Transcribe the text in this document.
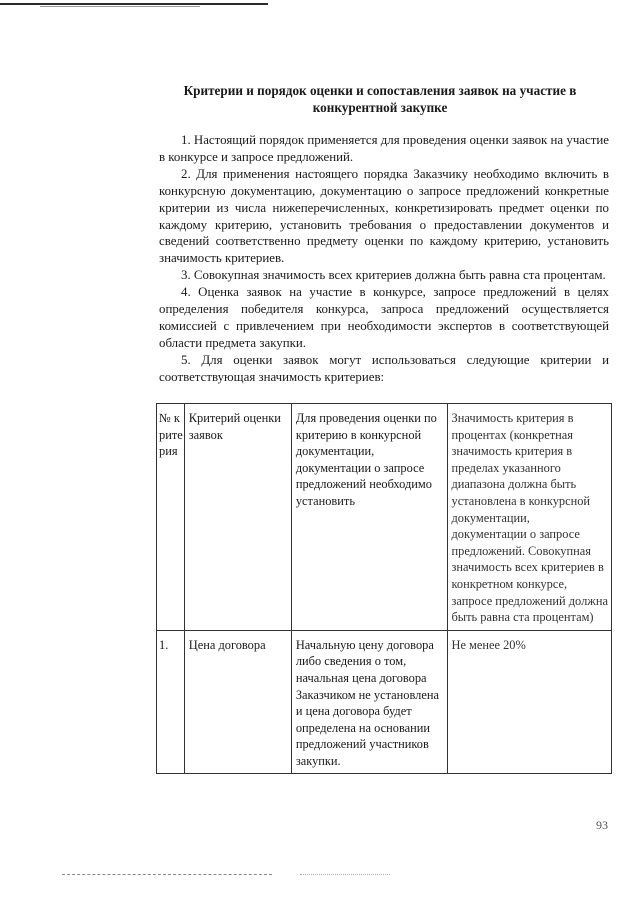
Критерии и порядок оценки и сопоставления заявок на участие в конкурентной закупке

1. Настоящий порядок применяется для проведения оценки заявок на участие в конкурсе и запросе предложений.

2. Для применения настоящего порядка Заказчику необходимо включить в конкурсную документацию, документацию о запросе предложений конкретные критерии из числа нижеперечисленных, конкретизировать предмет оценки по каждому критерию, установить требования о предоставлении документов и сведений соответственно предмету оценки по каждому критерию, установить значимость критериев.

3. Совокупная значимость всех критериев должна быть равна ста процентам.

4. Оценка заявок на участие в конкурсе, запросе предложений в целях определения победителя конкурса, запроса предложений осуществляется комиссией с привлечением при необходимости экспертов в соответствующей области предмета закупки.

5. Для оценки заявок могут использоваться следующие критерии и соответствующая значимость критериев:

№ критерия	Критерий оценки заявок	Для проведения оценки по критерию в конкурсной документации, документации о запросе предложений необходимо установить	Значимость критерия в процентах (конкретная значимость критерия в пределах указанного диапазона должна быть установлена в конкурсной документации, документации о запросе предложений. Совокупная значимость всех критериев в конкретном конкурсе, запросе предложений должна быть равна ста процентам)
1.	Цена договора	Начальную цену договора либо сведения о том, начальная цена договора Заказчиком не установлена и цена договора будет определена на основании предложений участников закупки.	Не менее 20%
93
